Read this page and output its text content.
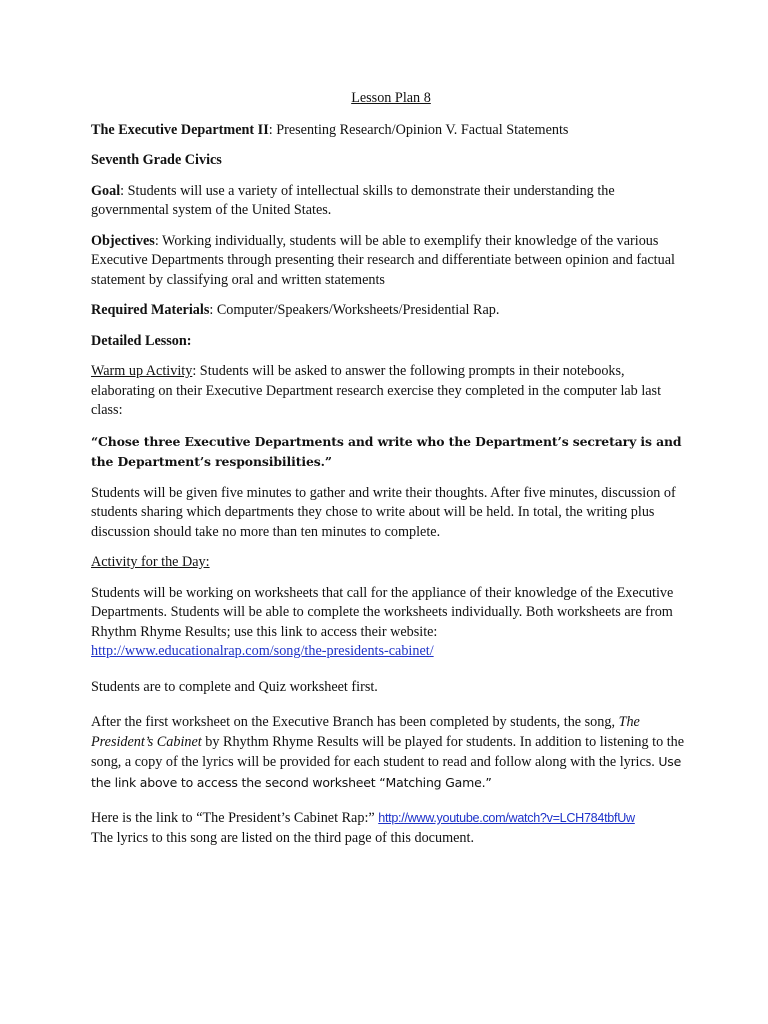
Lesson Plan 8

The Executive Department II: Presenting Research/Opinion V. Factual Statements

Seventh Grade Civics

Goal: Students will use a variety of intellectual skills to demonstrate their understanding the governmental system of the United States.

Objectives: Working individually, students will be able to exemplify their knowledge of the various Executive Departments through presenting their research and differentiate between opinion and factual statement by classifying oral and written statements

Required Materials: Computer/Speakers/Worksheets/Presidential Rap.

Detailed Lesson:

Warm up Activity: Students will be asked to answer the following prompts in their notebooks, elaborating on their Executive Department research exercise they completed in the computer lab last class:

“Chose three Executive Departments and write who the Department’s secretary is and the Department’s responsibilities.”

Students will be given five minutes to gather and write their thoughts. After five minutes, discussion of students sharing which departments they chose to write about will be held. In total, the writing plus discussion should take no more than ten minutes to complete.

Activity for the Day:

Students will be working on worksheets that call for the appliance of their knowledge of the Executive Departments. Students will be able to complete the worksheets individually. Both worksheets are from Rhythm Rhyme Results; use this link to access their website:
http://www.educationalrap.com/song/the-presidents-cabinet/

Students are to complete and Quiz worksheet first.

After the first worksheet on the Executive Branch has been completed by students, the song, The President’s Cabinet by Rhythm Rhyme Results will be played for students. In addition to listening to the song, a copy of the lyrics will be provided for each student to read and follow along with the lyrics. Use the link above to access the second worksheet “Matching Game.”

Here is the link to “The President’s Cabinet Rap:” http://www.youtube.com/watch?v=LCH784tbfUw
The lyrics to this song are listed on the third page of this document.
